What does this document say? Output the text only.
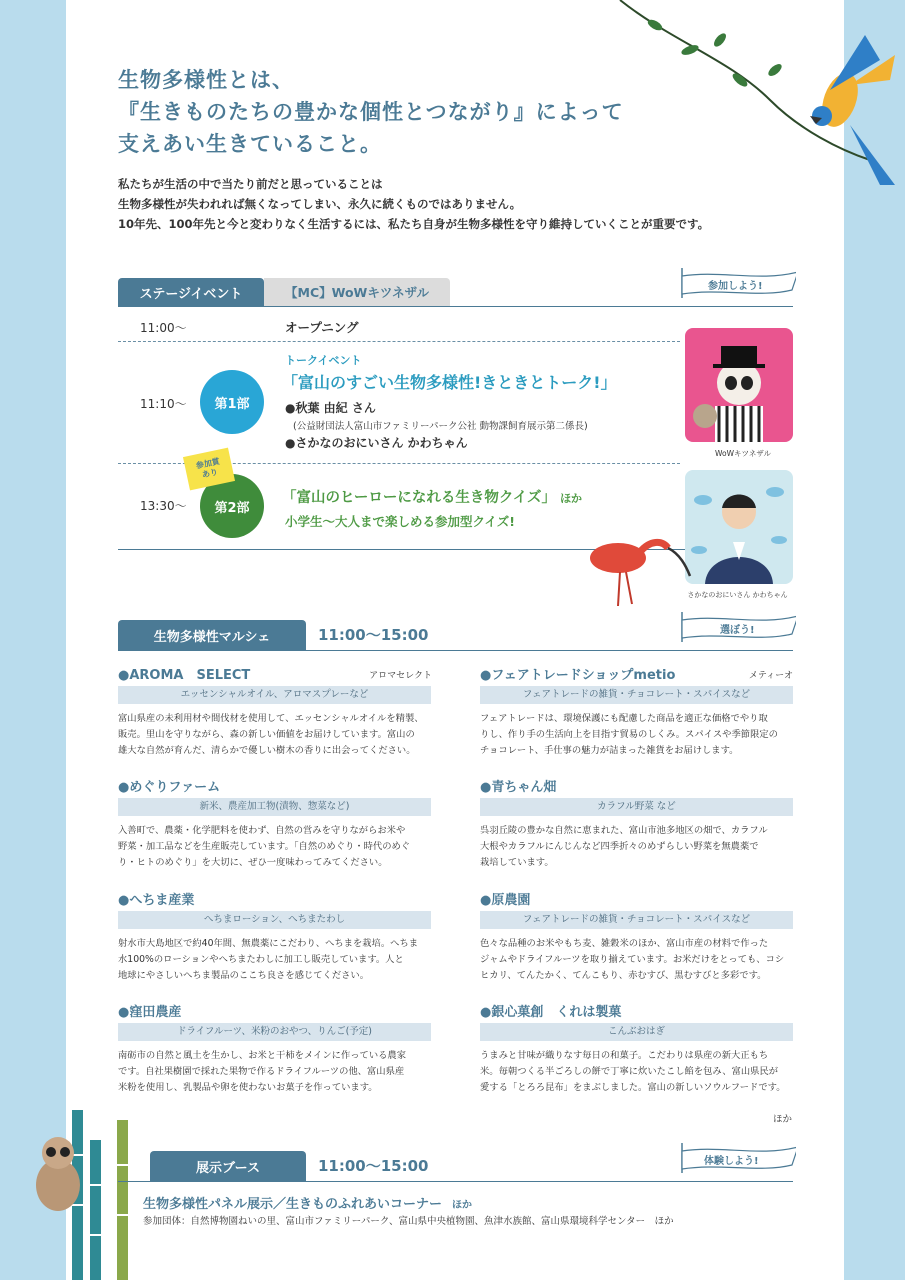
生物多様性とは、
『生きものたちの豊かな個性とつながり』によって
支えあい生きていること。
私たちが生活の中で当たり前だと思っていることは
生物多様性が失われれば無くなってしまい、永久に続くものではありません。
10年先、100年先と今と変わりなく生活するには、私たち自身が生物多様性を守り維持していくことが重要です。
ステージイベント	【MC】WoWキツネザル	参加しよう!
11:00〜	オープニング
11:10〜	第1部
トークイベント
「富山のすごい生物多様性!きときとトーク!」
●秋葉 由紀 さん
(公益財団法人富山市ファミリーパーク公社 動物課飼育展示第二係長)
●さかなのおにいさん かわちゃん
13:30〜	第2部
参加賞
あり
「富山のヒーローになれる生き物クイズ」 ほか
小学生〜大人まで楽しめる参加型クイズ!
WoWキツネザル
さかなのおにいさん かわちゃん
生物多様性マルシェ	11:00〜15:00	選ぼう!
●AROMA　SELECT	アロマセレクト
エッセンシャルオイル、アロマスプレーなど
富山県産の未利用材や間伐材を使用して、エッセンシャルオイルを精製、
販売。里山を守りながら、森の新しい価値をお届けしています。富山の
雄大な自然が育んだ、清らかで優しい樹木の香りに出会ってください。
●めぐりファーム
新米、農産加工物(漬物、惣菜など)
入善町で、農薬・化学肥料を使わず、自然の営みを守りながらお米や
野菜・加工品などを生産販売しています。「自然のめぐり・時代のめぐ
り・ヒトのめぐり」を大切に、ぜひ一度味わってみてください。
●へちま産業
へちまローション、へちまたわし
射水市大島地区で約40年間、無農薬にこだわり、へちまを栽培。へちま
水100%のローションやへちまたわしに加工し販売しています。人と
地球にやさしいへちま製品のここち良さを感じてください。
●窪田農産
ドライフルーツ、米粉のおやつ、りんご(予定)
南砺市の自然と風土を生かし、お米と干柿をメインに作っている農家
です。自社果樹園で採れた果物で作るドライフルーツの他、富山県産
米粉を使用し、乳製品や卵を使わないお菓子を作っています。
●フェアトレードショップmetio	メティーオ
フェアトレードの雑貨・チョコレート・スパイスなど
フェアトレードは、環境保護にも配慮した商品を適正な価格でやり取
りし、作り手の生活向上を目指す貿易のしくみ。スパイスや季節限定の
チョコレート、手仕事の魅力が詰まった雑貨をお届けします。
●青ちゃん畑
カラフル野菜 など
呉羽丘陵の豊かな自然に恵まれた、富山市池多地区の畑で、カラフル
大根やカラフルにんじんなど四季折々のめずらしい野菜を無農薬で
栽培しています。
●原農園
フェアトレードの雑貨・チョコレート・スパイスなど
色々な品種のお米やもち麦、雑穀米のほか、富山市産の材料で作った
ジャムやドライフルーツを取り揃えています。お米だけをとっても、コシ
ヒカリ、てんたかく、てんこもり、赤むすび、黒むすびと多彩です。
●銀心菓創　くれは製菓
こんぶおはぎ
うまみと甘味が織りなす毎日の和菓子。こだわりは県産の新大正もち
米。毎朝つくる半ごろしの餅で丁寧に炊いたこし餡を包み、富山県民が
愛する「とろろ昆布」をまぶしました。富山の新しいソウルフードです。
ほか
展示ブース	11:00〜15:00	体験しよう!
生物多様性パネル展示／生きものふれあいコーナー ほか
参加団体：自然博物園ねいの里、富山市ファミリーパーク、富山県中央植物園、魚津水族館、富山県環境科学センター　ほか
